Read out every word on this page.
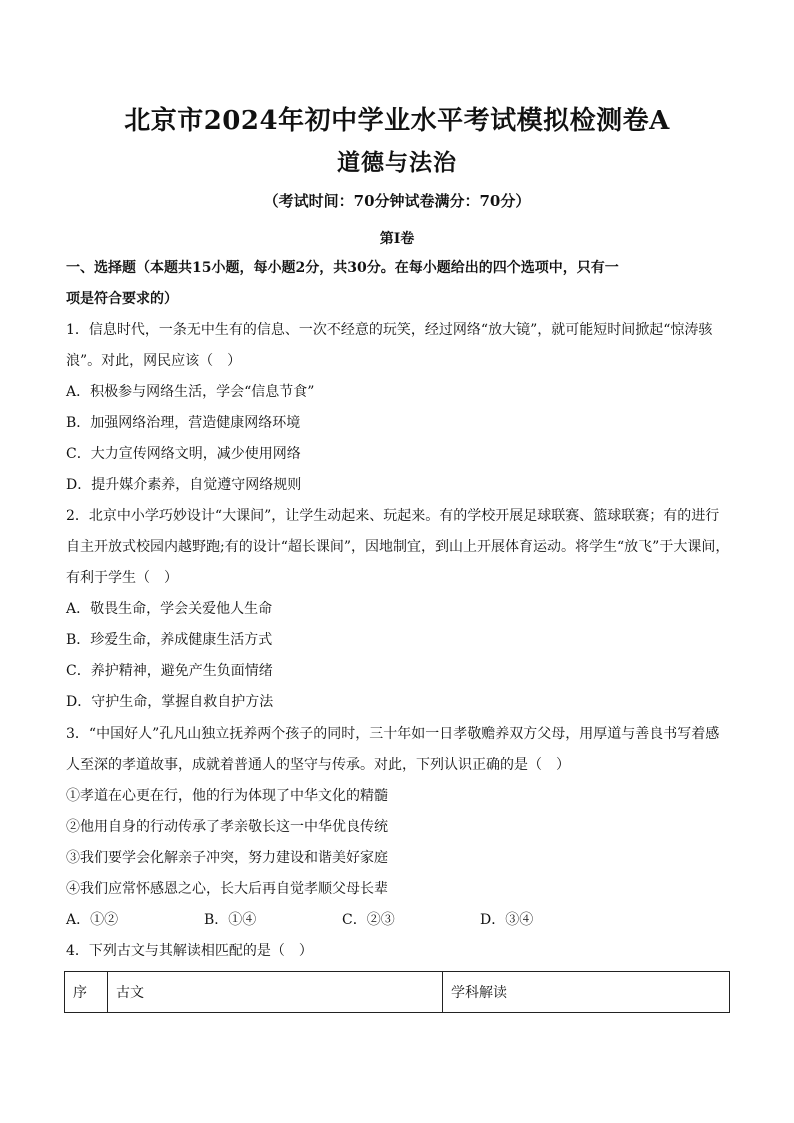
北京市2024年初中学业水平考试模拟检测卷A
道德与法治
（考试时间：70分钟试卷满分：70分）
第I卷
一、选择题（本题共15小题，每小题2分，共30分。在每小题给出的四个选项中，只有一
项是符合要求的）
1．信息时代，一条无中生有的信息、一次不经意的玩笑，经过网络“放大镜”，就可能短时间掀起“惊涛骇
浪”。对此，网民应该（　）
A．积极参与网络生活，学会“信息节食”
B．加强网络治理，营造健康网络环境
C．大力宣传网络文明，减少使用网络
D．提升媒介素养，自觉遵守网络规则
2．北京中小学巧妙设计“大课间”，让学生动起来、玩起来。有的学校开展足球联赛、篮球联赛；有的进行
自主开放式校园内越野跑;有的设计“超长课间”，因地制宜，到山上开展体育运动。将学生“放飞”于大课间，
有利于学生（　）
A．敬畏生命，学会关爱他人生命
B．珍爱生命，养成健康生活方式
C．养护精神，避免产生负面情绪
D．守护生命，掌握自救自护方法
3．“中国好人”孔凡山独立抚养两个孩子的同时，三十年如一日孝敬赡养双方父母，用厚道与善良书写着感
人至深的孝道故事，成就着普通人的坚守与传承。对此，下列认识正确的是（　）
①孝道在心更在行，他的行为体现了中华文化的精髓
②他用自身的行动传承了孝亲敬长这一中华优良传统
③我们要学会化解亲子冲突，努力建设和谐美好家庭
④我们应常怀感恩之心，长大后再自觉孝顺父母长辈
A．①②	B．①④	C．②③	D．③④
4．下列古文与其解读相匹配的是（　）
序	古文	学科解读
